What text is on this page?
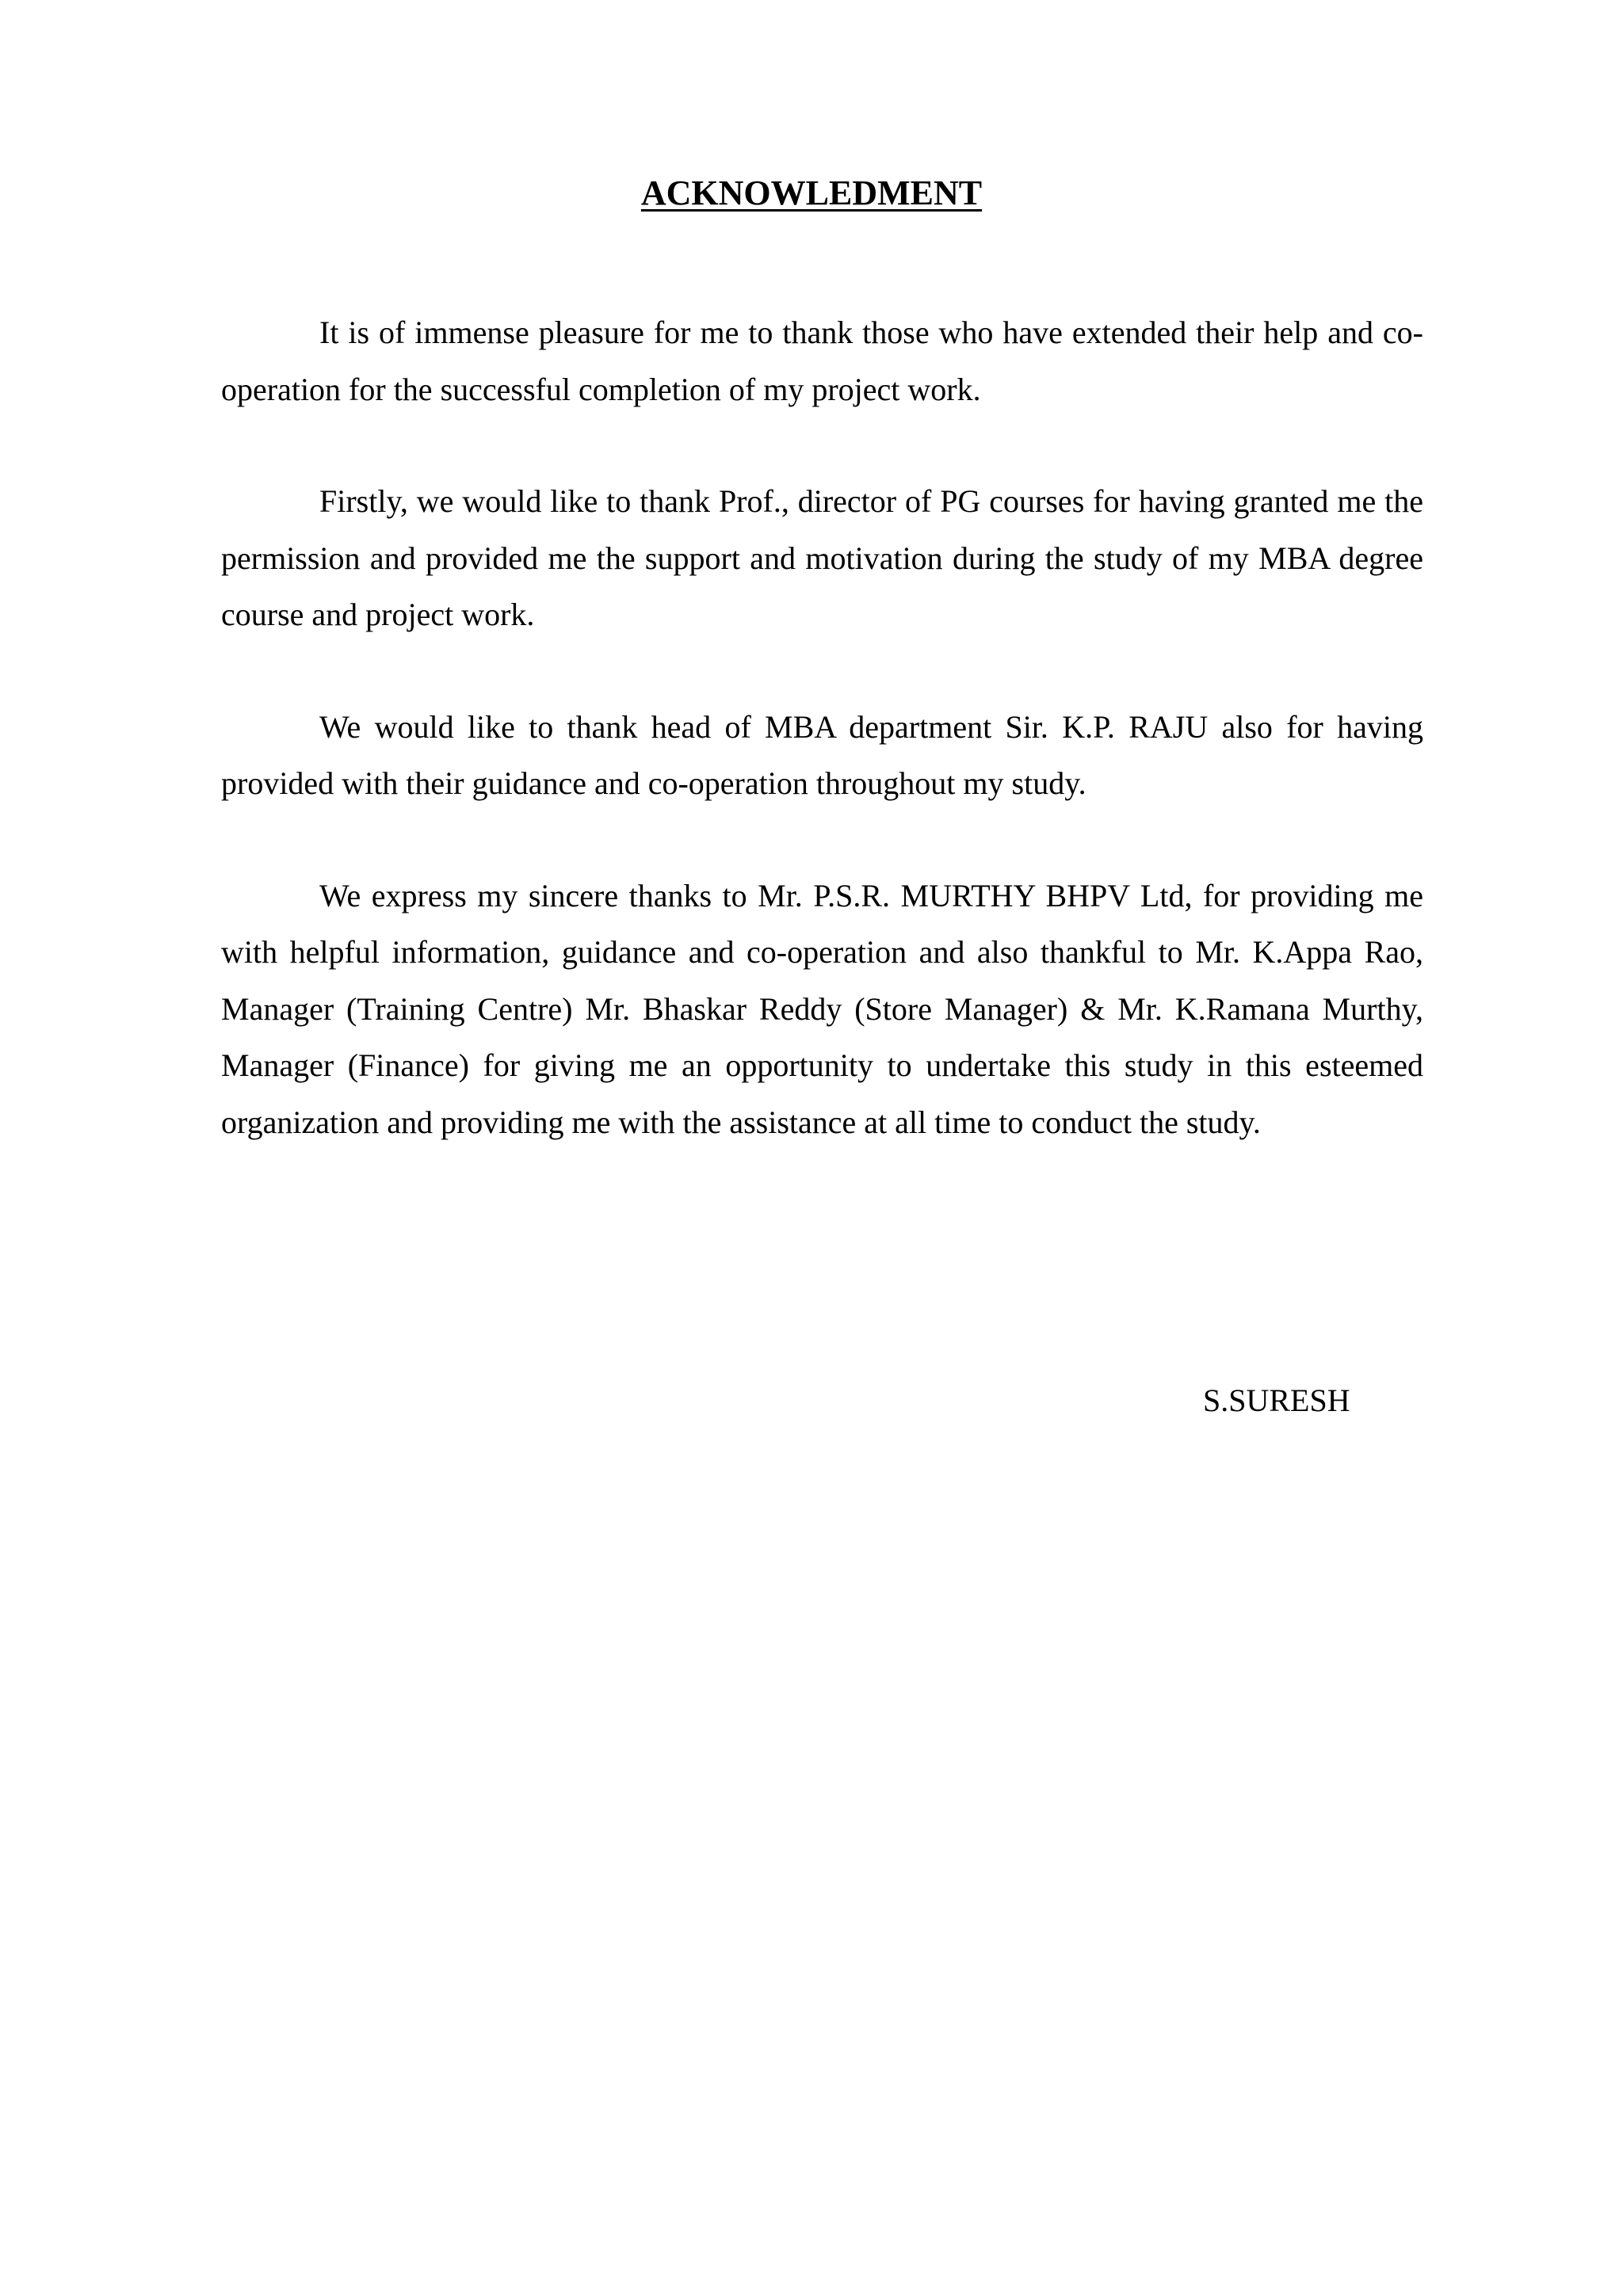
ACKNOWLEDMENT

It is of immense pleasure for me to thank those who have extended their help and co-operation for the successful completion of my project work.

Firstly, we would like to thank Prof., director of PG courses for having granted me the permission and provided me the support and motivation during the study of my MBA degree course and project work.

We would like to thank head of MBA department Sir. K.P. RAJU also for having provided with their guidance and co-operation throughout my study.

We express my sincere thanks to Mr. P.S.R. MURTHY BHPV Ltd, for providing me with helpful information, guidance and co-operation and also thankful to Mr. K.Appa Rao, Manager (Training Centre) Mr. Bhaskar Reddy (Store Manager) & Mr. K.Ramana Murthy, Manager (Finance) for giving me an opportunity to undertake this study in this esteemed organization and providing me with the assistance at all time to conduct the study.

S.SURESH
